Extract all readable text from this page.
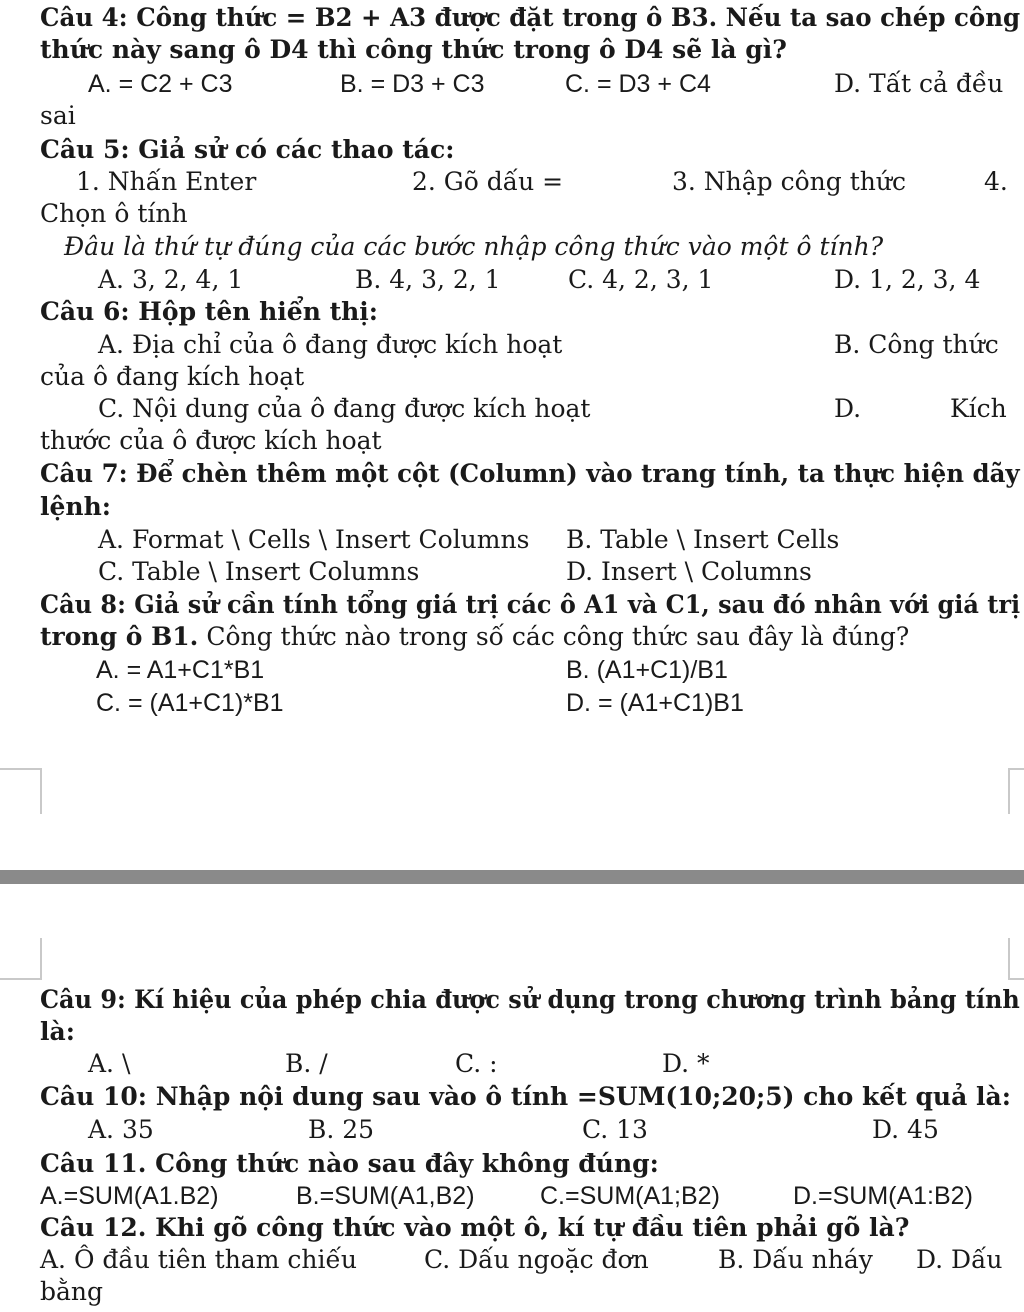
Câu 4: Công thức = B2 + A3 được đặt trong ô B3. Nếu ta sao chép công
thức này sang ô D4 thì công thức trong ô D4 sẽ là gì?
A. = C2 + C3	B. = D3 + C3	C. = D3 + C4	D. Tất cả đều
sai
Câu 5: Giả sử có các thao tác:
1. Nhấn Enter	2. Gõ dấu =	3. Nhập công thức	4.
Chọn ô tính
Đâu là thứ tự đúng của các bước nhập công thức vào một ô tính?
A. 3, 2, 4, 1	B. 4, 3, 2, 1	C. 4, 2, 3, 1	D. 1, 2, 3, 4
Câu 6: Hộp tên hiển thị:
A. Địa chỉ của ô đang được kích hoạt	B. Công thức
của ô đang kích hoạt
C. Nội dung của ô đang được kích hoạt	D.	Kích
thước của ô được kích hoạt
Câu 7: Để chèn thêm một cột (Column) vào trang tính, ta thực hiện dãy
lệnh:
A. Format \ Cells \ Insert Columns B. Table \ Insert Cells
C. Table \ Insert Columns	D. Insert \ Columns
Câu 8: Giả sử cần tính tổng giá trị các ô A1 và C1, sau đó nhân với giá trị
trong ô B1. Công thức nào trong số các công thức sau đây là đúng?
A. = A1+C1*B1	B. (A1+C1)/B1
C. = (A1+C1)*B1	D. = (A1+C1)B1
Câu 9: Kí hiệu của phép chia được sử dụng trong chương trình bảng tính
là:
A. \	B. /	C. :	D. *
Câu 10: Nhập nội dung sau vào ô tính =SUM(10;20;5) cho kết quả là:
A. 35	B. 25	C. 13	D. 45
Câu 11. Công thức nào sau đây không đúng:
A.=SUM(A1.B2)	B.=SUM(A1,B2)	C.=SUM(A1;B2)	D.=SUM(A1:B2)
Câu 12. Khi gõ công thức vào một ô, kí tự đầu tiên phải gõ là?
A. Ô đầu tiên tham chiếu	C. Dấu ngoặc đơn	B. Dấu nháy D. Dấu
bằng
